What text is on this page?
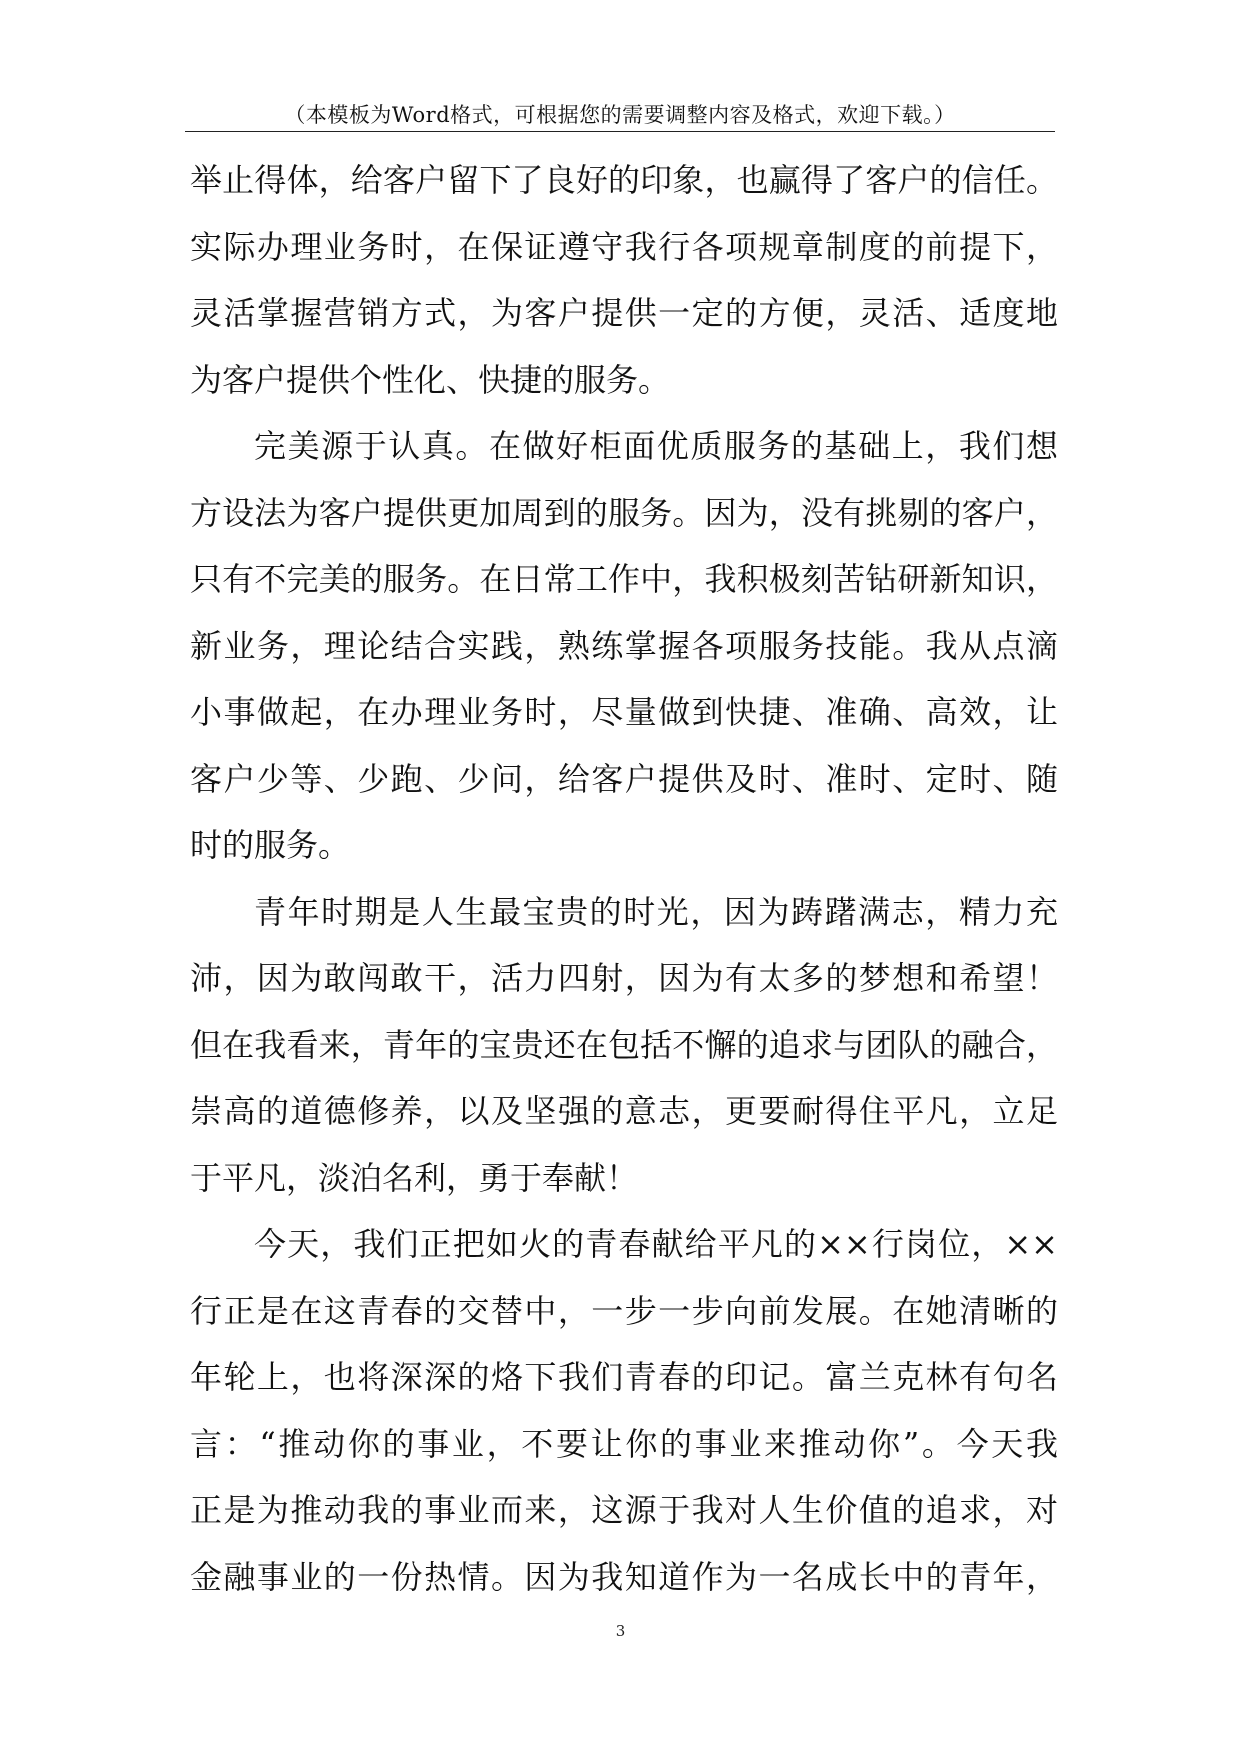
（本模板为Word格式，可根据您的需要调整内容及格式，欢迎下载。）
举止得体，给客户留下了良好的印象，也赢得了客户的信任。
实际办理业务时，在保证遵守我行各项规章制度的前提下，
灵活掌握营销方式，为客户提供一定的方便，灵活、适度地
为客户提供个性化、快捷的服务。
完美源于认真。在做好柜面优质服务的基础上，我们想
方设法为客户提供更加周到的服务。因为，没有挑剔的客户，
只有不完美的服务。在日常工作中，我积极刻苦钻研新知识，
新业务，理论结合实践，熟练掌握各项服务技能。我从点滴
小事做起，在办理业务时，尽量做到快捷、准确、高效，让
客户少等、少跑、少问，给客户提供及时、准时、定时、随
时的服务。
青年时期是人生最宝贵的时光，因为踌躇满志，精力充
沛，因为敢闯敢干，活力四射，因为有太多的梦想和希望！
但在我看来，青年的宝贵还在包括不懈的追求与团队的融合，
崇高的道德修养，以及坚强的意志，更要耐得住平凡，立足
于平凡，淡泊名利，勇于奉献！
今天，我们正把如火的青春献给平凡的××行岗位，××
行正是在这青春的交替中，一步一步向前发展。在她清晰的
年轮上，也将深深的烙下我们青春的印记。富兰克林有句名
言：“推动你的事业，不要让你的事业来推动你”。今天我
正是为推动我的事业而来，这源于我对人生价值的追求，对
金融事业的一份热情。因为我知道作为一名成长中的青年，
3
